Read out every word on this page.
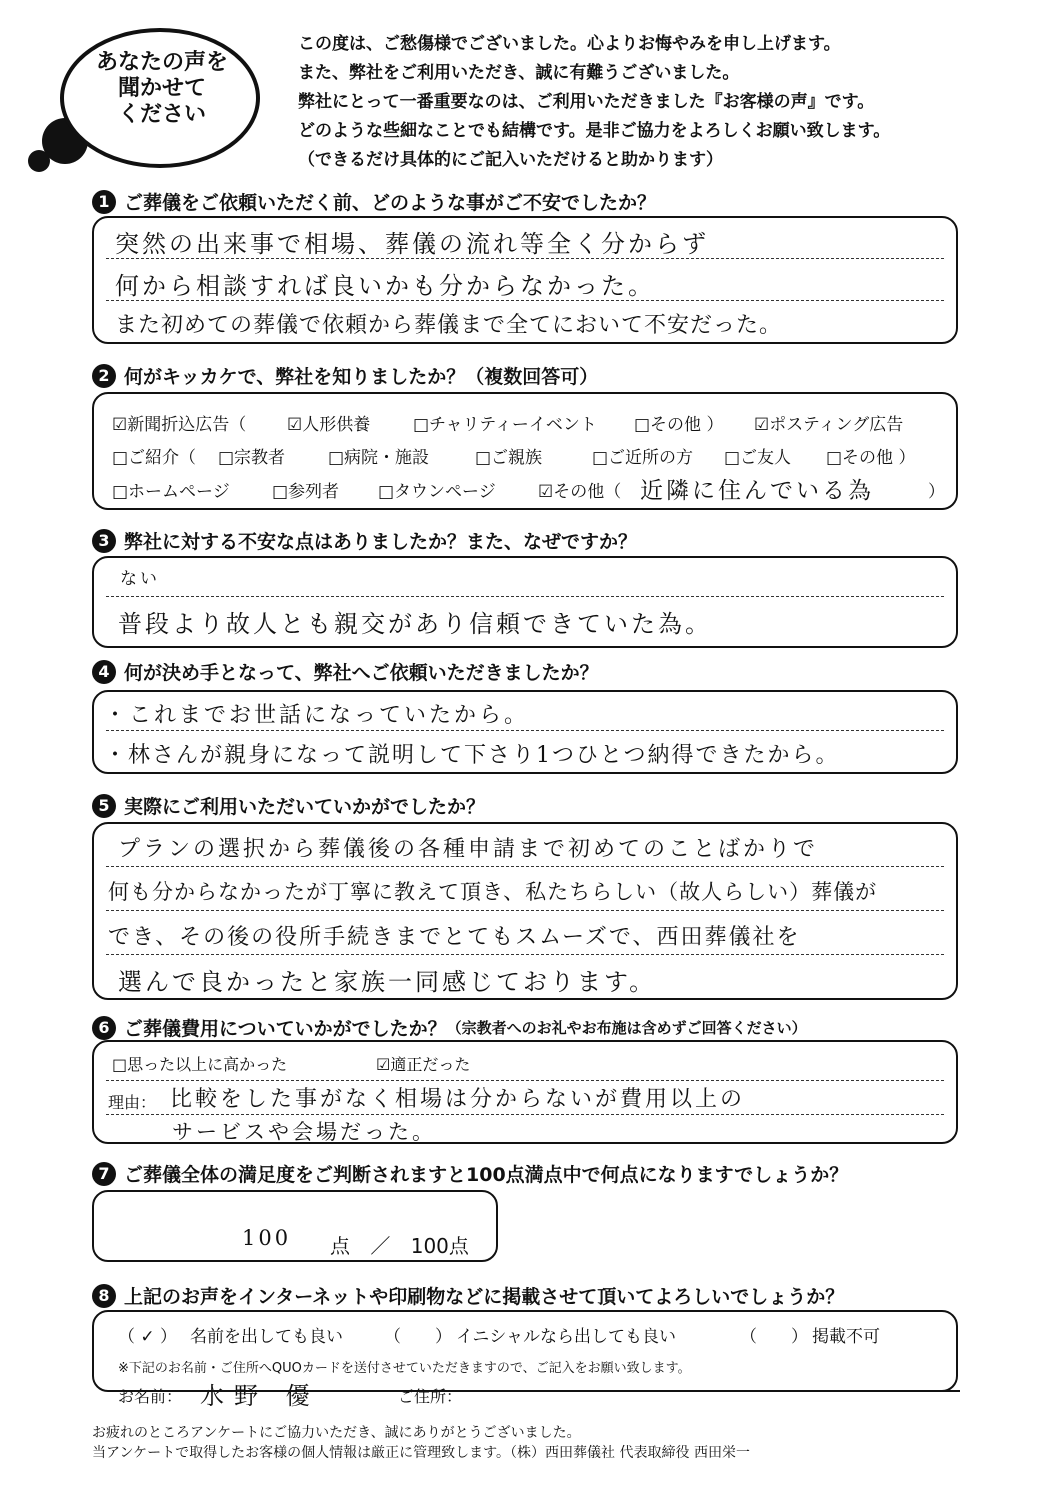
あなたの声を
聞かせて
ください
この度は、ご愁傷様でございました。心よりお悔やみを申し上げます。
また、弊社をご利用いただき、誠に有難うございました。
弊社にとって一番重要なのは、ご利用いただきました『お客様の声』です。
どのような些細なことでも結構です。是非ご協力をよろしくお願い致します。
（できるだけ具体的にご記入いただけると助かります）
1 ご葬儀をご依頼いただく前、どのような事がご不安でしたか？
突然の出来事で相場、葬儀の流れ等全く分からず
何から相談すれば良いかも分からなかった。
また初めての葬儀で依頼から葬儀まで全てにおいて不安だった。
2 何がキッカケで、弊社を知りましたか？（複数回答可）
☑新聞折込広告（ ☑人形供養	□チャリティーイベント □その他 ） ☑ポスティング広告
□ご紹介（ □宗教者	□病院・施設	□ご親族	□ご近所の方 □ご友人 □その他 ）
□ホームページ □参列者 □タウンページ ☑その他（ 近隣に住んでいる為	）
3 弊社に対する不安な点はありましたか？また、なぜですか？
ない
普段より故人とも親交があり信頼できていた為。
4 何が決め手となって、弊社へご依頼いただきましたか？
・これまでお世話になっていたから。
・林さんが親身になって説明して下さり1つひとつ納得できたから。
5 実際にご利用いただいていかがでしたか？
プランの選択から葬儀後の各種申請まで初めてのことばかりで
何も分からなかったが丁寧に教えて頂き、私たちらしい（故人らしい）葬儀が
でき、その後の役所手続きまでとてもスムーズで、西田葬儀社を
選んで良かったと家族一同感じております。
6 ご葬儀費用についていかがでしたか？ （宗教者へのお礼やお布施は含めずご回答ください）
□思った以上に高かった	☑適正だった
理由： 比較をした事がなく相場は分からないが費用以上の
サービスや会場だった。
7 ご葬儀全体の満足度をご判断されますと100点満点中で何点になりますでしょうか？
100 点 ／ 100点
8 上記のお声をインターネットや印刷物などに掲載させて頂いてよろしいでしょうか？
（ ✓ ） 名前を出しても良い （　　） イニシャルなら出しても良い	（　　） 掲載不可
※下記のお名前・ご住所へQUOカードを送付させていただきますので、ご記入をお願い致します。
お名前： 水野 優	ご住所：
お疲れのところアンケートにご協力いただき、誠にありがとうございました。
当アンケートで取得したお客様の個人情報は厳正に管理致します。（株）西田葬儀社 代表取締役 西田栄一
